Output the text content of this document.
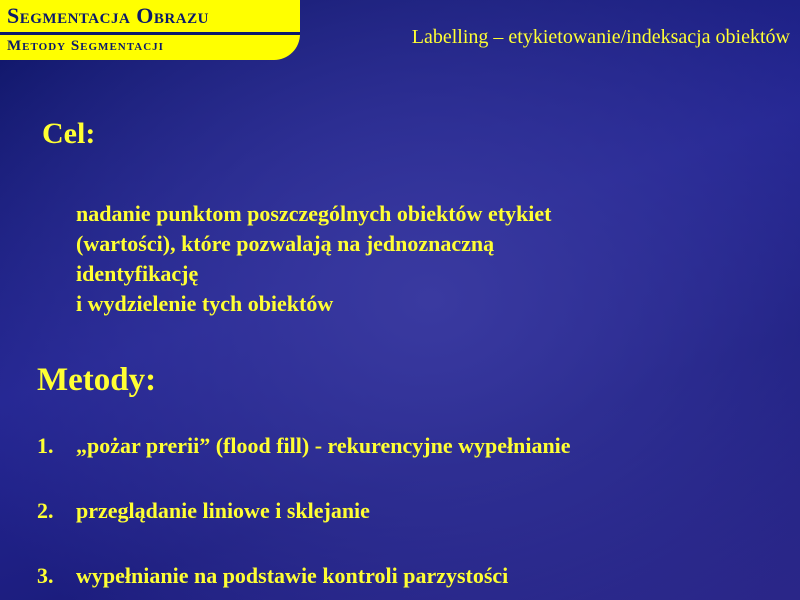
Segmentacja Obrazu
Metody Segmentacji	Labelling – etykietowanie/indeksacja obiektów
Cel:

nadanie punktom poszczególnych obiektów etykiet
(wartości), które pozwalają na jednoznaczną
identyfikację
i wydzielenie tych obiektów

Metody:
1. „pożar prerii” (flood fill) - rekurencyjne wypełnianie
2. przeglądanie liniowe i sklejanie
3. wypełnianie na podstawie kontroli parzystości
